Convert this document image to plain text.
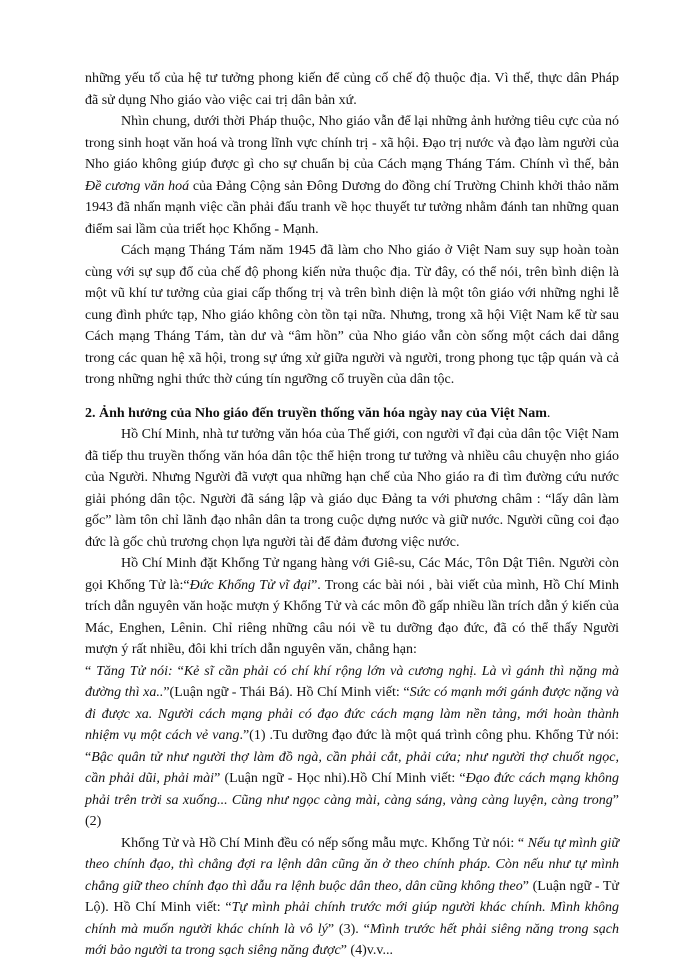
những yếu tố của hệ tư tưởng phong kiến để củng cố chế độ thuộc địa. Vì thế, thực dân Pháp đã sử dụng Nho giáo vào việc cai trị dân bản xứ.

Nhìn chung, dưới thời Pháp thuộc, Nho giáo vẫn để lại những ảnh hưởng tiêu cực của nó trong sinh hoạt văn hoá và trong lĩnh vực chính trị - xã hội. Đạo trị nước và đạo làm người của Nho giáo không giúp được gì cho sự chuẩn bị của Cách mạng Tháng Tám. Chính vì thế, bản Đề cương văn hoá của Đảng Cộng sản Đông Dương do đồng chí Trường Chinh khởi thảo năm 1943 đã nhấn mạnh việc cần phải đấu tranh về học thuyết tư tưởng nhằm đánh tan những quan điểm sai lầm của triết học Khổng - Mạnh.

Cách mạng Tháng Tám năm 1945 đã làm cho Nho giáo ở Việt Nam suy sụp hoàn toàn cùng với sự sụp đổ của chế độ phong kiến nửa thuộc địa. Từ đây, có thể nói, trên bình diện là một vũ khí tư tưởng của giai cấp thống trị và trên bình diện là một tôn giáo với những nghi lễ cung đình phức tạp, Nho giáo không còn tồn tại nữa. Nhưng, trong xã hội Việt Nam kể từ sau Cách mạng Tháng Tám, tàn dư và “âm hồn” của Nho giáo vẫn còn sống một cách dai dẳng trong các quan hệ xã hội, trong sự ứng xử giữa người và người, trong phong tục tập quán và cả trong những nghi thức thờ cúng tín ngưỡng cổ truyền của dân tộc.

2. Ảnh hưởng của Nho giáo đến truyền thống văn hóa ngày nay của Việt Nam.

Hồ Chí Minh, nhà tư tưởng văn hóa của Thế giới, con người vĩ đại của dân tộc Việt Nam đã tiếp thu truyền thống văn hóa dân tộc thể hiện trong tư tưởng và nhiều câu chuyện nho giáo của Người. Nhưng Người đã vượt qua những hạn chế của Nho giáo ra đi tìm đường cứu nước giải phóng dân tộc. Người đã sáng lập và giáo dục Đảng ta với phương châm : “lấy dân làm gốc” làm tôn chỉ lãnh đạo nhân dân ta trong cuộc dựng nước và giữ nước. Người cũng coi đạo đức là gốc chủ trương chọn lựa người tài để đảm đương việc nước.

Hồ Chí Minh đặt Khổng Tử ngang hàng với Giê-su, Các Mác, Tôn Dật Tiên. Người còn gọi Khổng Tử là:“Đức Khổng Tử vĩ đại”. Trong các bài nói , bài viết của mình, Hồ Chí Minh trích dẫn nguyên văn hoặc mượn ý Khổng Tử và các môn đồ gấp nhiều lần trích dẫn ý kiến của Mác, Enghen, Lênin. Chỉ riêng những câu nói về tu dưỡng đạo đức, đã có thể thấy Người mượn ý rất nhiều, đôi khi trích dẫn nguyên văn, chẳng hạn:

“ Tăng Tử nói: “Kẻ sĩ cần phải có chí khí rộng lớn và cương nghị. Là vì gánh thì nặng mà đường thì xa..”(Luận ngữ - Thái Bá). Hồ Chí Minh viết: “Sức có mạnh mới gánh được nặng và đi được xa. Người cách mạng phải có đạo đức cách mạng làm nền tảng, mới hoàn thành nhiệm vụ một cách vẻ vang.”(1) .Tu dưỡng đạo đức là một quá trình công phu. Khổng Tử nói: “Bậc quân tử như người thợ làm đồ ngà, cần phải cắt, phải cứa; như người thợ chuốt ngọc, cần phải dũi, phải mài” (Luận ngữ - Học nhi).Hồ Chí Minh viết: “Đạo đức cách mạng không phải trên trời sa xuống... Cũng như ngọc càng mài, càng sáng, vàng càng luyện, càng trong” (2)

Khổng Tử và Hồ Chí Minh đều có nếp sống mẫu mực. Khổng Tử nói: “ Nếu tự mình giữ theo chính đạo, thì chẳng đợi ra lệnh dân cũng ăn ở theo chính pháp. Còn nếu như tự mình chẳng giữ theo chính đạo thì dẫu ra lệnh buộc dân theo, dân cũng không theo” (Luận ngữ - Tử Lộ). Hồ Chí Minh viết: “Tự mình phải chính trước mới giúp người khác chính. Mình không chính mà muốn người khác chính là vô lý” (3). “Mình trước hết phải siêng năng trong sạch mới bảo người ta trong sạch siêng năng được” (4)v.v...
